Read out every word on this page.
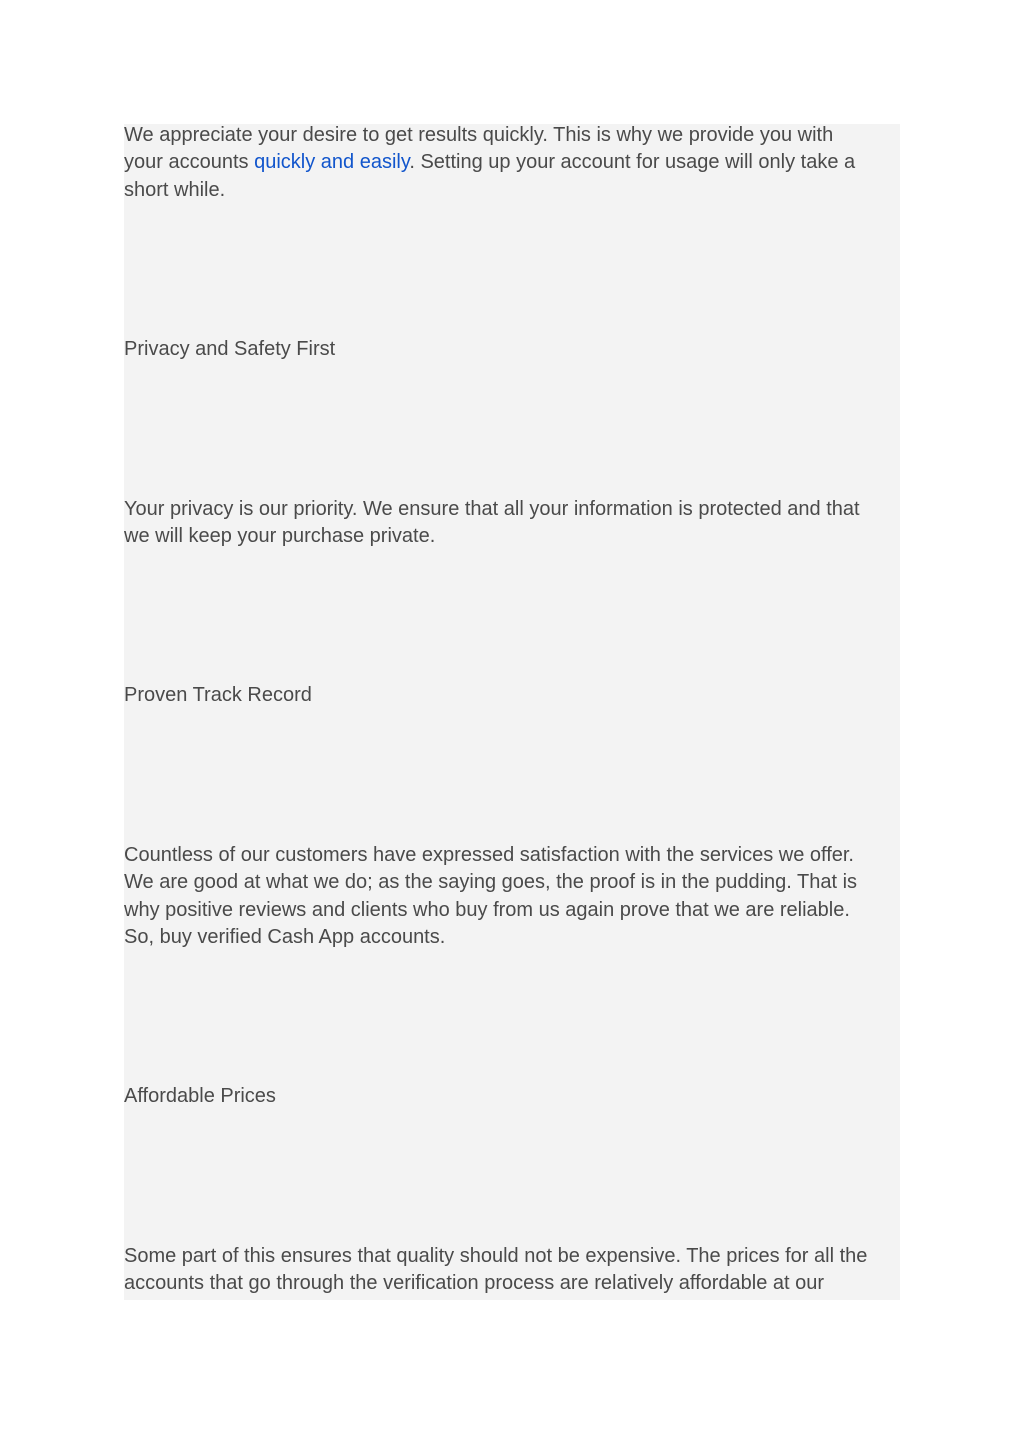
We appreciate your desire to get results quickly. This is why we provide you with
your accounts quickly and easily. Setting up your account for usage will only take a
short while.
Privacy and Safety First
Your privacy is our priority. We ensure that all your information is protected and that
we will keep your purchase private.
Proven Track Record
Countless of our customers have expressed satisfaction with the services we offer.
We are good at what we do; as the saying goes, the proof is in the pudding. That is
why positive reviews and clients who buy from us again prove that we are reliable.
So, buy verified Cash App accounts.
Affordable Prices
Some part of this ensures that quality should not be expensive. The prices for all the
accounts that go through the verification process are relatively affordable at our
